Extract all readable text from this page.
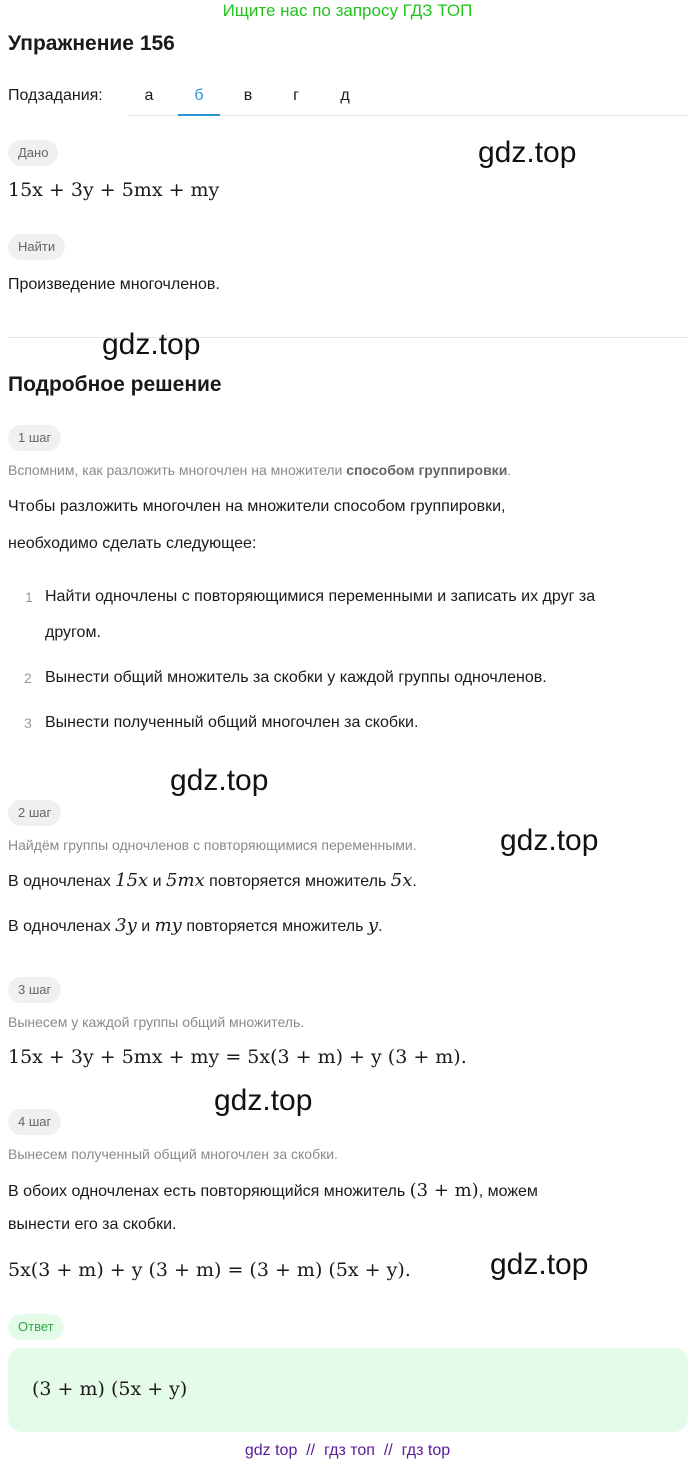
Ищите нас по запросу ГДЗ ТОП
Упражнение 156
Подзадания:	а	б	в	г	д
Дано
15x + 3y + 5mx + my
Найти
Произведение многочленов.
Подробное решение
1 шаг
Вспомним, как разложить многочлен на множители способом группировки.
Чтобы разложить многочлен на множители способом группировки,
необходимо сделать следующее:
1 Найти одночлены с повторяющимися переменными и записать их друг за
другом.
2 Вынести общий множитель за скобки у каждой группы одночленов.
3 Вынести полученный общий многочлен за скобки.
2 шаг
Найдём группы одночленов с повторяющимися переменными.
В одночленах 15x и 5mx повторяется множитель 5x.
В одночленах 3y и my повторяется множитель y.
3 шаг
Вынесем у каждой группы общий множитель.
15x + 3y + 5mx + my = 5x(3 + m) + y (3 + m).
4 шаг
Вынесем полученный общий многочлен за скобки.
В обоих одночленах есть повторяющийся множитель (3 + m), можем
вынести его за скобки.
5x(3 + m) + y (3 + m) = (3 + m) (5x + y).
Ответ
(3 + m) (5x + y)
gdz.top
gdz.top
gdz.top
gdz.top
gdz.top
gdz.top
gdz top // гдз топ // гдз top
